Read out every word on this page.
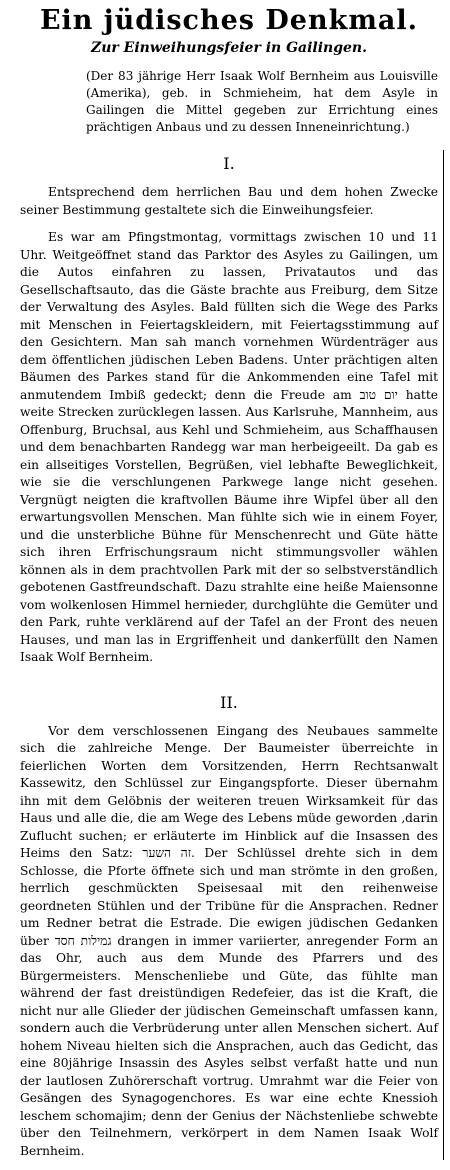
Ein jüdisches Denkmal.
Zur Einweihungsfeier in Gailingen.
(Der 83 jährige Herr Isaak Wolf Bernheim aus Louisville (Amerika), geb. in Schmieheim, hat dem Asyle in Gailingen die Mittel gegeben zur Errichtung eines prächtigen Anbaus und zu dessen Inneneinrichtung.)
I.

Entsprechend dem herrlichen Bau und dem hohen Zwecke seiner Bestimmung gestaltete sich die Einweihungsfeier.

Es war am Pfingstmontag, vormittags zwischen 10 und 11 Uhr. Weitgeöffnet stand das Parktor des Asyles zu Gailingen, um die Autos einfahren zu lassen, Privatautos und das Gesellschaftsauto, das die Gäste brachte aus Freiburg, dem Sitze der Verwaltung des Asyles. Bald füllten sich die Wege des Parks mit Menschen in Feiertagskleidern, mit Feiertagsstimmung auf den Gesichtern. Man sah manch vornehmen Würdenträger aus dem öffentlichen jüdischen Leben Badens. Unter prächtigen alten Bäumen des Parkes stand für die Ankommenden eine Tafel mit anmutendem Imbiß gedeckt; denn die Freude am יום טוב hatte weite Strecken zurücklegen lassen. Aus Karlsruhe, Mannheim, aus Offenburg, Bruchsal, aus Kehl und Schmieheim, aus Schaffhausen und dem benachbarten Randegg war man herbeigeeilt. Da gab es ein allseitiges Vorstellen, Begrüßen, viel lebhafte Beweglichkeit, wie sie die verschlungenen Parkwege lange nicht gesehen. Vergnügt neigten die kraftvollen Bäume ihre Wipfel über all den erwartungsvollen Menschen. Man fühlte sich wie in einem Foyer, und die unsterbliche Bühne für Menschenrecht und Güte hätte sich ihren Erfrischungsraum nicht stimmungsvoller wählen können als in dem prachtvollen Park mit der so selbstverständlich gebotenen Gastfreundschaft. Dazu strahlte eine heiße Maiensonne vom wolkenlosen Himmel hernieder, durchglühte die Gemüter und den Park, ruhte verklärend auf der Tafel an der Front des neuen Hauses, und man las in Ergriffenheit und dankerfüllt den Namen Isaak Wolf Bernheim.

II.

Vor dem verschlossenen Eingang des Neubaues sammelte sich die zahlreiche Menge. Der Baumeister überreichte in feierlichen Worten dem Vorsitzenden, Herrn Rechtsanwalt Kassewitz, den Schlüssel zur Eingangspforte. Dieser übernahm ihn mit dem Gelöbnis der weiteren treuen Wirksamkeit für das Haus und alle die, die am Wege des Lebens müde geworden ‚darin Zuflucht suchen; er erläuterte im Hinblick auf die Insassen des Heims den Satz: זה השער. Der Schlüssel drehte sich in dem Schlosse, die Pforte öffnete sich und man strömte in den großen, herrlich geschmückten Speisesaal mit den reihenweise geordneten Stühlen und der Tribüne für die Ansprachen. Redner um Redner betrat die Estrade. Die ewigen jüdischen Gedanken über גמילות חסד drangen in immer variierter, anregender Form an das Ohr, auch aus dem Munde des Pfarrers und des Bürgermeisters. Menschenliebe und Güte, das fühlte man während der fast dreistündigen Redefeier, das ist die Kraft, die nicht nur alle Glieder der jüdischen Gemeinschaft umfassen kann, sondern auch die Verbrüderung unter allen Menschen sichert. Auf hohem Niveau hielten sich die Ansprachen, auch das Gedicht, das eine 80jährige Insassin des Asyles selbst verfaßt hatte und nun der lautlosen Zuhörerschaft vortrug. Umrahmt war die Feier von Gesängen des Synagogenchores. Es war eine echte Knessioh leschem schomajim; denn der Genius der Nächstenliebe schwebte über den Teilnehmern, verkörpert in dem Namen Isaak Wolf Bernheim.
